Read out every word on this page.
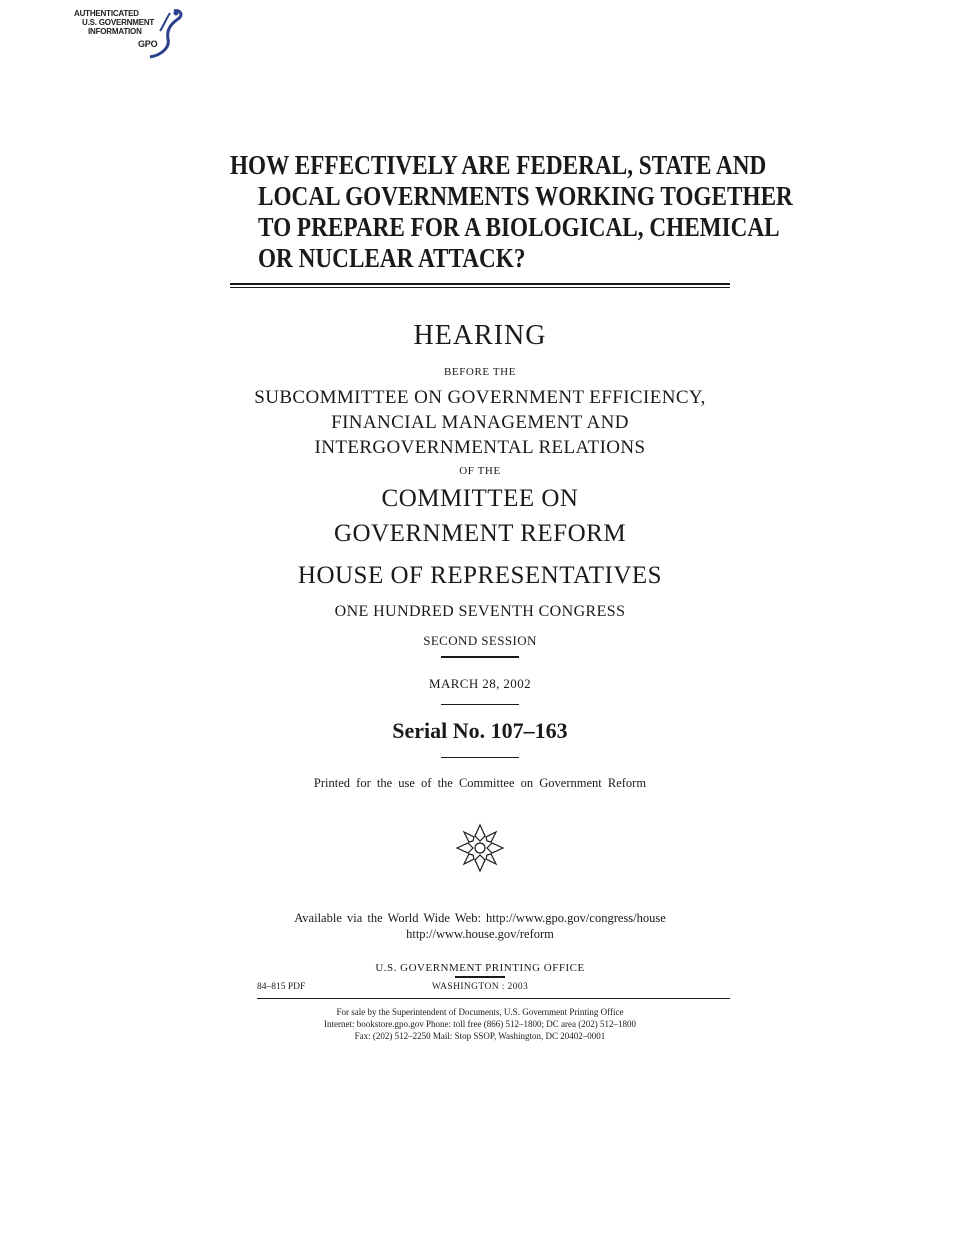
AUTHENTICATED
U.S. GOVERNMENT
INFORMATION
GPO
HOW EFFECTIVELY ARE FEDERAL, STATE AND
LOCAL GOVERNMENTS WORKING TOGETHER
TO PREPARE FOR A BIOLOGICAL, CHEMICAL
OR NUCLEAR ATTACK?
HEARING
BEFORE THE
SUBCOMMITTEE ON GOVERNMENT EFFICIENCY,
FINANCIAL MANAGEMENT AND
INTERGOVERNMENTAL RELATIONS
OF THE
COMMITTEE ON
GOVERNMENT REFORM
HOUSE OF REPRESENTATIVES
ONE HUNDRED SEVENTH CONGRESS
SECOND SESSION
MARCH 28, 2002
Serial No. 107–163
Printed for the use of the Committee on Government Reform
Available via the World Wide Web: http://www.gpo.gov/congress/house
http://www.house.gov/reform
U.S. GOVERNMENT PRINTING OFFICE
84–815 PDF	WASHINGTON : 2003
For sale by the Superintendent of Documents, U.S. Government Printing Office
Internet: bookstore.gpo.gov Phone: toll free (866) 512–1800; DC area (202) 512–1800
Fax: (202) 512–2250 Mail: Stop SSOP, Washington, DC 20402–0001
